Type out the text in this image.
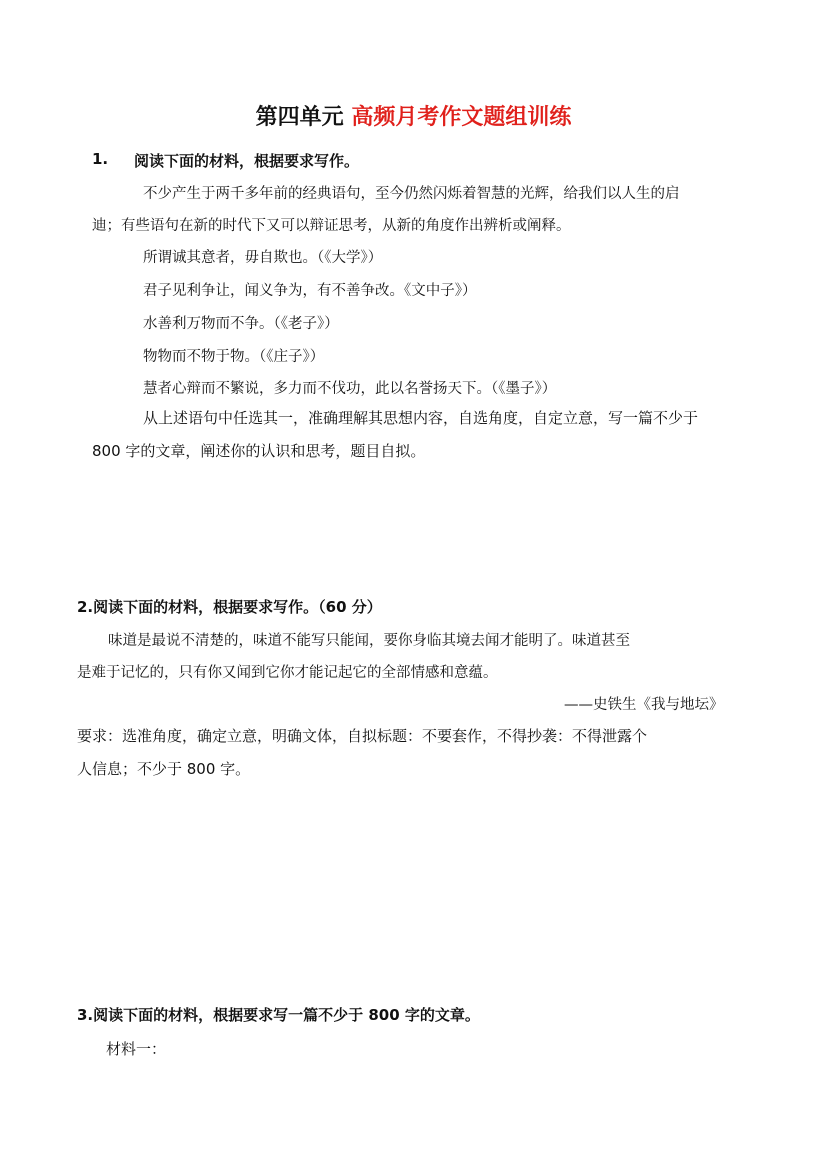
第四单元 高频月考作文题组训练
1. 阅读下面的材料，根据要求写作。
不少产生于两千多年前的经典语句，至今仍然闪烁着智慧的光辉，给我们以人生的启
迪；有些语句在新的时代下又可以辩证思考，从新的角度作出辨析或阐释。
所谓诚其意者，毋自欺也。（《大学》）
君子见利争让，闻义争为，有不善争改。《文中子》）
水善利万物而不争。（《老子》）
物物而不物于物。（《庄子》）
慧者心辩而不繁说，多力而不伐功，此以名誉扬天下。（《墨子》）
从上述语句中任选其一，准确理解其思想内容，自选角度，自定立意，写一篇不少于
800 字的文章，阐述你的认识和思考，题目自拟。
2.阅读下面的材料，根据要求写作。（60 分）
味道是最说不清楚的，味道不能写只能闻，要你身临其境去闻才能明了。味道甚至
是难于记忆的，只有你又闻到它你才能记起它的全部情感和意蕴。
——史铁生《我与地坛》
要求：选准角度，确定立意，明确文体，自拟标题：不要套作，不得抄袭：不得泄露个
人信息；不少于 800 字。
3.阅读下面的材料，根据要求写一篇不少于 800 字的文章。
材料一：
